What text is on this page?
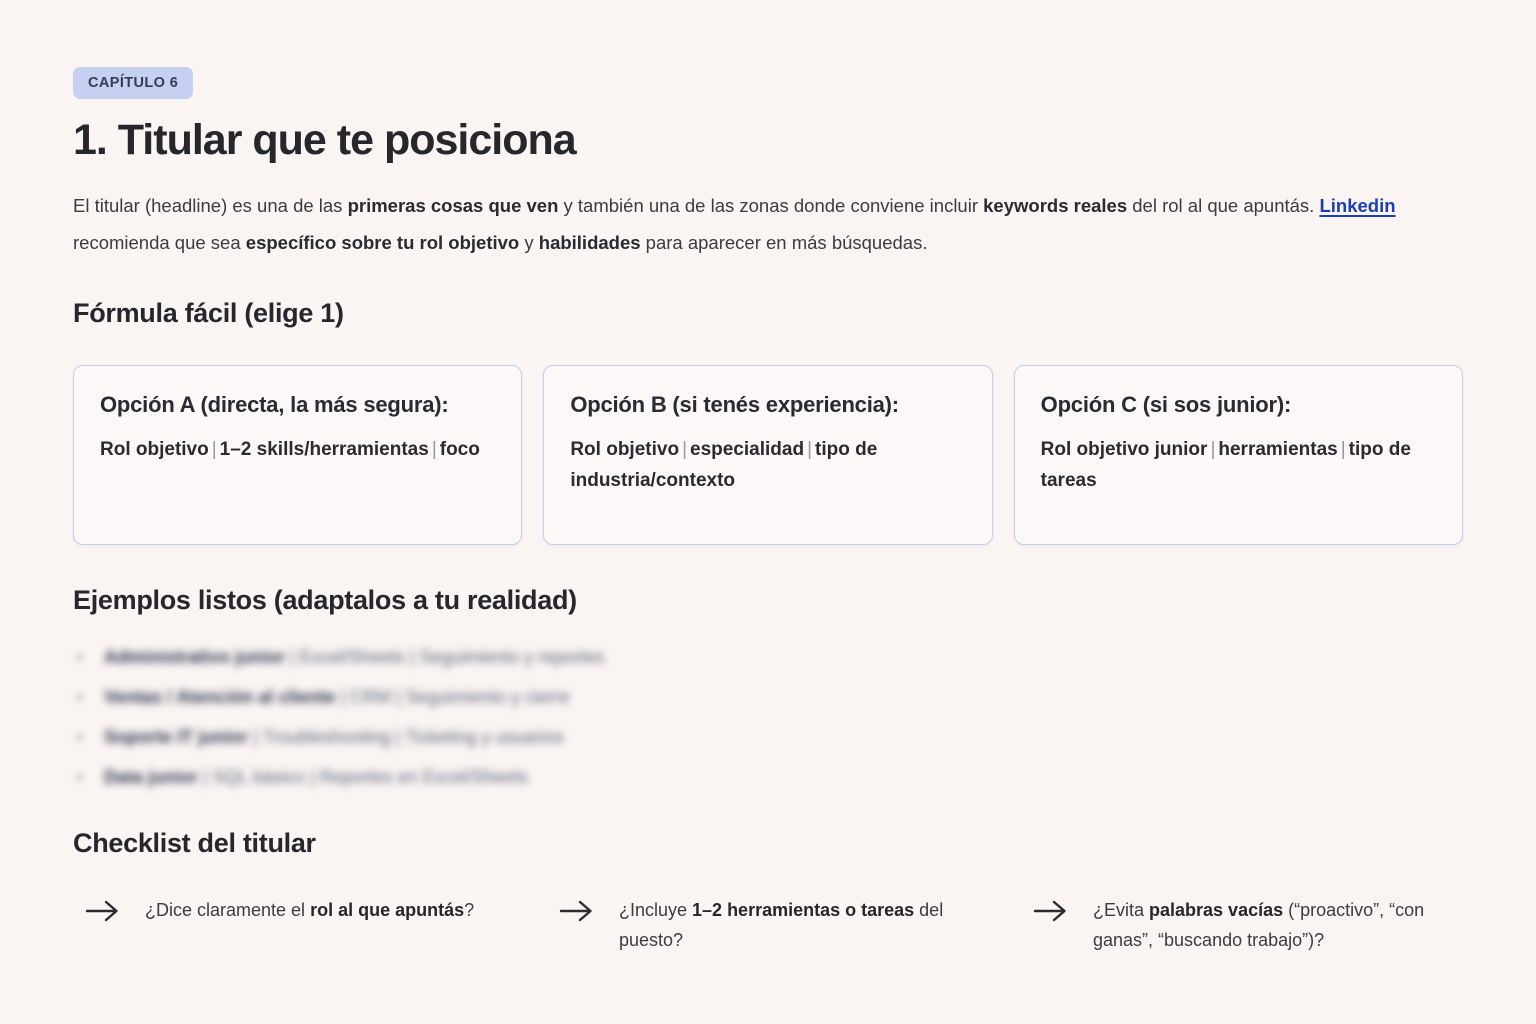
CAPÍTULO 6
1. Titular que te posiciona

El titular (headline) es una de las primeras cosas que ven y también una de las zonas donde conviene incluir keywords reales del rol al que apuntás. Linkedin recomienda que sea específico sobre tu rol objetivo y habilidades para aparecer en más búsquedas.

Fórmula fácil (elige 1)
Opción A (directa, la más segura):
Rol objetivo | 1–2 skills/herramientas | foco
Opción B (si tenés experiencia):
Rol objetivo | especialidad | tipo de industria/contexto
Opción C (si sos junior):
Rol objetivo junior | herramientas | tipo de tareas
Ejemplos listos (adaptalos a tu realidad)
• Administrativo junior | Excel/Sheets | Seguimiento y reportes
• Ventas / Atención al cliente | CRM | Seguimiento y cierre
• Soporte IT junior | Troubleshooting | Ticketing y usuarios
• Data junior | SQL básico | Reportes en Excel/Sheets
Checklist del titular
¿Dice claramente el rol al que apuntás?	¿Incluye 1–2 herramientas o tareas del puesto?
¿Evita palabras vacías (“proactivo”, “con ganas”, “buscando trabajo”)?
